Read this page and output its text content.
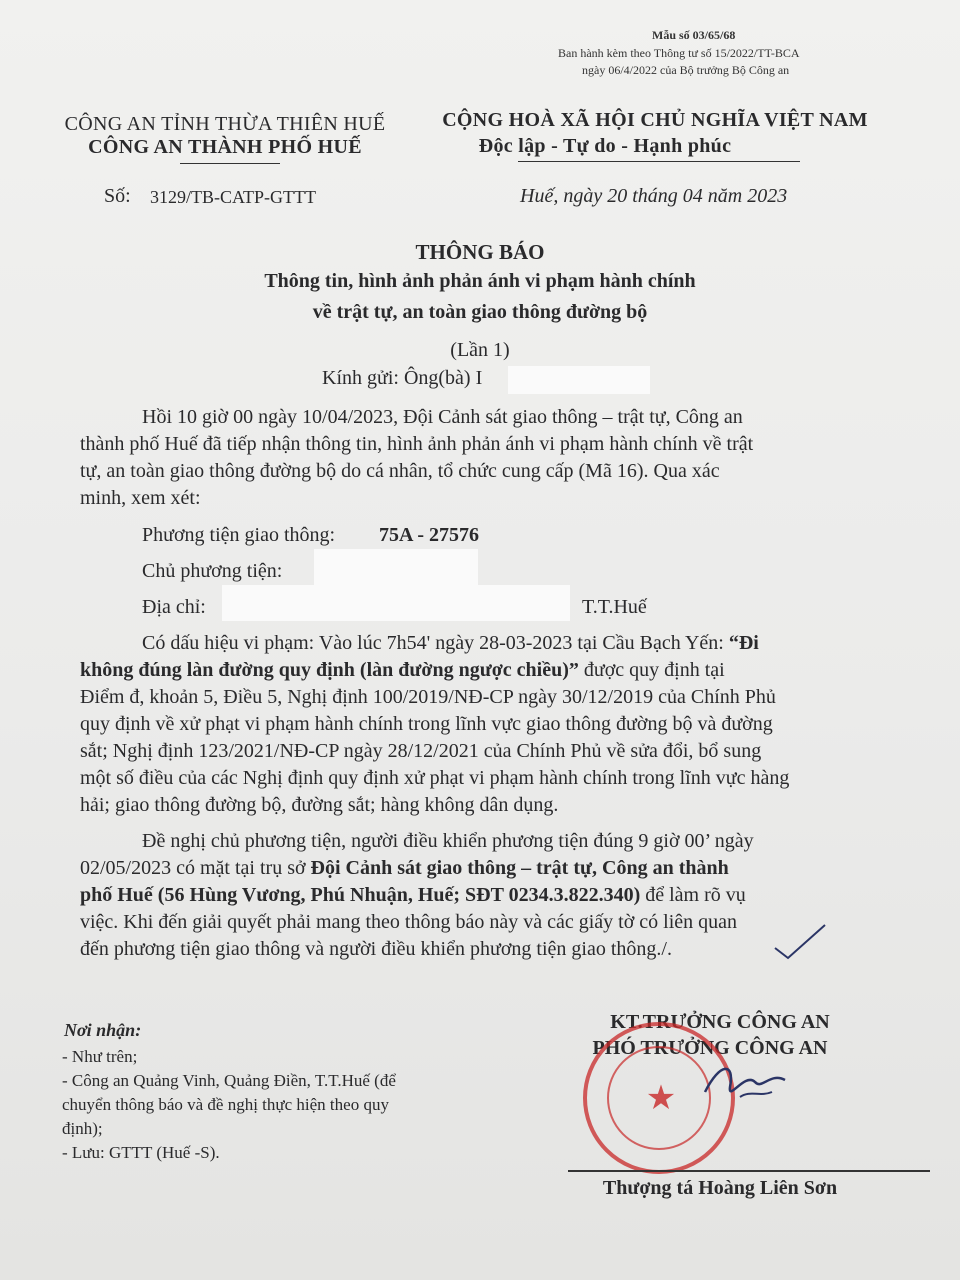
Mẫu số 03/65/68
Ban hành kèm theo Thông tư số 15/2022/TT-BCA
ngày 06/4/2022 của Bộ trưởng Bộ Công an
CÔNG AN TỈNH THỪA THIÊN HUẾ
CÔNG AN THÀNH PHỐ HUẾ
CỘNG HOÀ XÃ HỘI CHỦ NGHĨA VIỆT NAM
Độc lập - Tự do - Hạnh phúc
Số: 3129/TB-CATP-GTTT	Huế, ngày 20 tháng 04 năm 2023
THÔNG BÁO
Thông tin, hình ảnh phản ánh vi phạm hành chính
về trật tự, an toàn giao thông đường bộ
(Lần 1)
Kính gửi: Ông(bà) I
Hồi 10 giờ 00 ngày 10/04/2023, Đội Cảnh sát giao thông – trật tự, Công an
thành phố Huế đã tiếp nhận thông tin, hình ảnh phản ánh vi phạm hành chính về trật
tự, an toàn giao thông đường bộ do cá nhân, tổ chức cung cấp (Mã 16). Qua xác
minh, xem xét:
Phương tiện giao thông: 75A - 27576
Chủ phương tiện:
Địa chỉ:	T.T.Huế
Có dấu hiệu vi phạm: Vào lúc 7h54' ngày 28-03-2023 tại Cầu Bạch Yến: “Đi
không đúng làn đường quy định (làn đường ngược chiều)” được quy định tại
Điểm đ, khoản 5, Điều 5, Nghị định 100/2019/NĐ-CP ngày 30/12/2019 của Chính Phủ
quy định về xử phạt vi phạm hành chính trong lĩnh vực giao thông đường bộ và đường
sắt; Nghị định 123/2021/NĐ-CP ngày 28/12/2021 của Chính Phủ về sửa đổi, bổ sung
một số điều của các Nghị định quy định xử phạt vi phạm hành chính trong lĩnh vực hàng
hải; giao thông đường bộ, đường sắt; hàng không dân dụng.
Đề nghị chủ phương tiện, người điều khiển phương tiện đúng 9 giờ 00’ ngày
02/05/2023 có mặt tại trụ sở Đội Cảnh sát giao thông – trật tự, Công an thành
phố Huế (56 Hùng Vương, Phú Nhuận, Huế; SĐT 0234.3.822.340) để làm rõ vụ
việc. Khi đến giải quyết phải mang theo thông báo này và các giấy tờ có liên quan
đến phương tiện giao thông và người điều khiển phương tiện giao thông./.
Nơi nhận:
- Như trên;
- Công an Quảng Vinh, Quảng Điền, T.T.Huế (để
chuyển thông báo và đề nghị thực hiện theo quy
định);
- Lưu: GTTT (Huế -S).
KT.TRƯỞNG CÔNG AN
PHÓ TRƯỞNG CÔNG AN
★
Thượng tá Hoàng Liên Sơn
